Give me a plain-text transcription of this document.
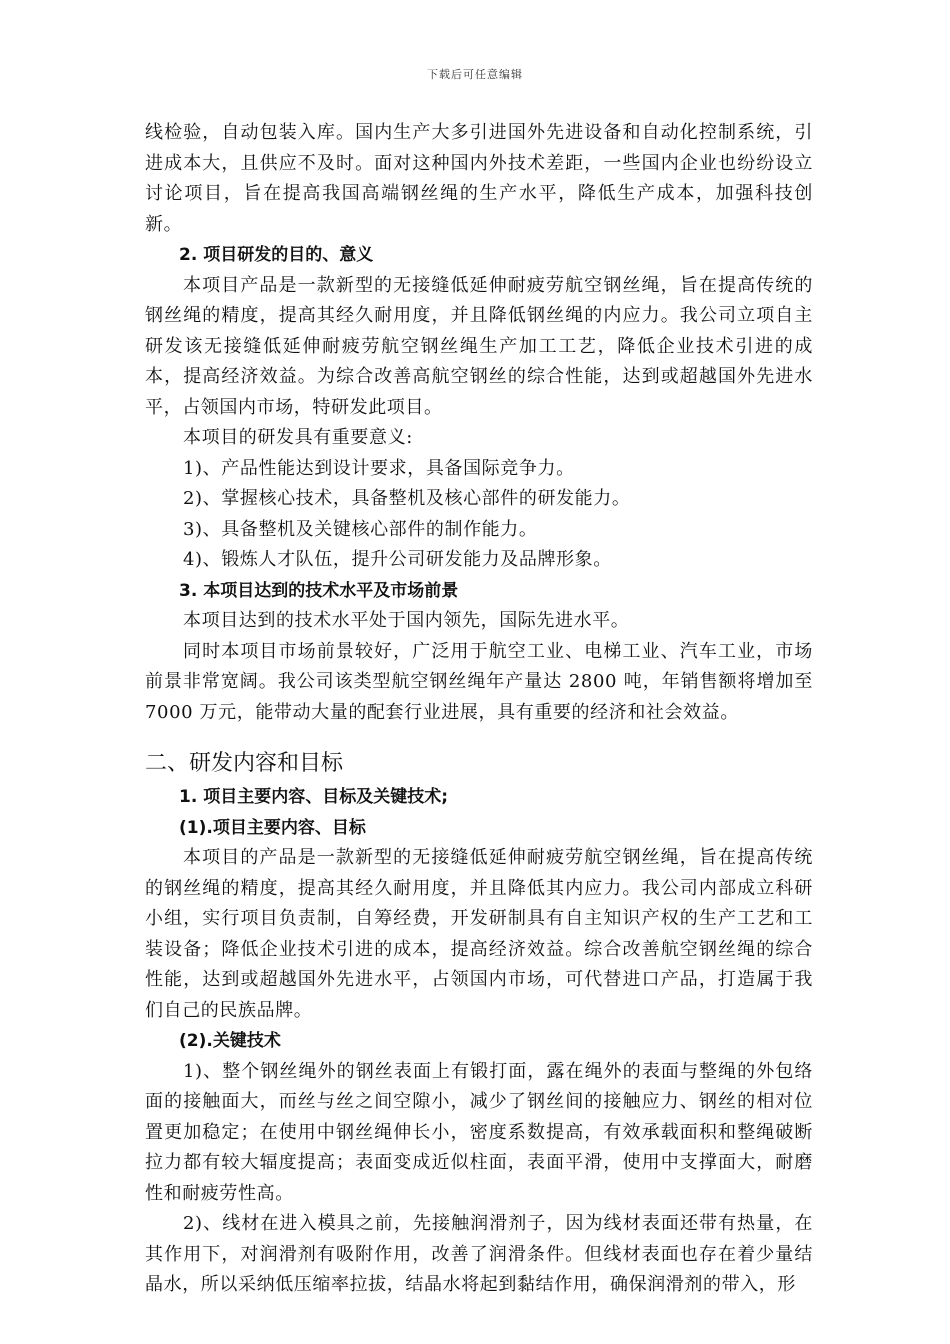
下载后可任意编辑

线检验，自动包装入库。国内生产大多引进国外先进设备和自动化控制系统，引进成本大，且供应不及时。面对这种国内外技术差距，一些国内企业也纷纷设立讨论项目，旨在提高我国高端钢丝绳的生产水平，降低生产成本，加强科技创新。

2. 项目研发的目的、意义

本项目产品是一款新型的无接缝低延伸耐疲劳航空钢丝绳，旨在提高传统的钢丝绳的精度，提高其经久耐用度，并且降低钢丝绳的内应力。我公司立项自主研发该无接缝低延伸耐疲劳航空钢丝绳生产加工工艺，降低企业技术引进的成本，提高经济效益。为综合改善高航空钢丝的综合性能，达到或超越国外先进水平，占领国内市场，特研发此项目。

本项目的研发具有重要意义:

1)、产品性能达到设计要求，具备国际竞争力。

2)、掌握核心技术，具备整机及核心部件的研发能力。

3)、具备整机及关键核心部件的制作能力。

4)、锻炼人才队伍，提升公司研发能力及品牌形象。

3. 本项目达到的技术水平及市场前景

本项目达到的技术水平处于国内领先，国际先进水平。

同时本项目市场前景较好，广泛用于航空工业、电梯工业、汽车工业，市场前景非常宽阔。我公司该类型航空钢丝绳年产量达 2800 吨，年销售额将增加至 7000 万元，能带动大量的配套行业进展，具有重要的经济和社会效益。

二、研发内容和目标

1. 项目主要内容、目标及关键技术;

(1).项目主要内容、目标

本项目的产品是一款新型的无接缝低延伸耐疲劳航空钢丝绳，旨在提高传统的钢丝绳的精度，提高其经久耐用度，并且降低其内应力。我公司内部成立科研小组，实行项目负责制，自筹经费，开发研制具有自主知识产权的生产工艺和工装设备；降低企业技术引进的成本，提高经济效益。综合改善航空钢丝绳的综合性能，达到或超越国外先进水平，占领国内市场，可代替进口产品，打造属于我们自己的民族品牌。

(2).关键技术

1)、整个钢丝绳外的钢丝表面上有锻打面，露在绳外的表面与整绳的外包络面的接触面大，而丝与丝之间空隙小，减少了钢丝间的接触应力、钢丝的相对位置更加稳定；在使用中钢丝绳伸长小，密度系数提高，有效承载面积和整绳破断拉力都有较大辐度提高；表面变成近似柱面，表面平滑，使用中支撑面大，耐磨性和耐疲劳性高。

2)、线材在进入模具之前，先接触润滑剂子，因为线材表面还带有热量，在其作用下，对润滑剂有吸附作用，改善了润滑条件。但线材表面也存在着少量结晶水，所以采纳低压缩率拉拔，结晶水将起到黏结作用，确保润滑剂的带入，形
